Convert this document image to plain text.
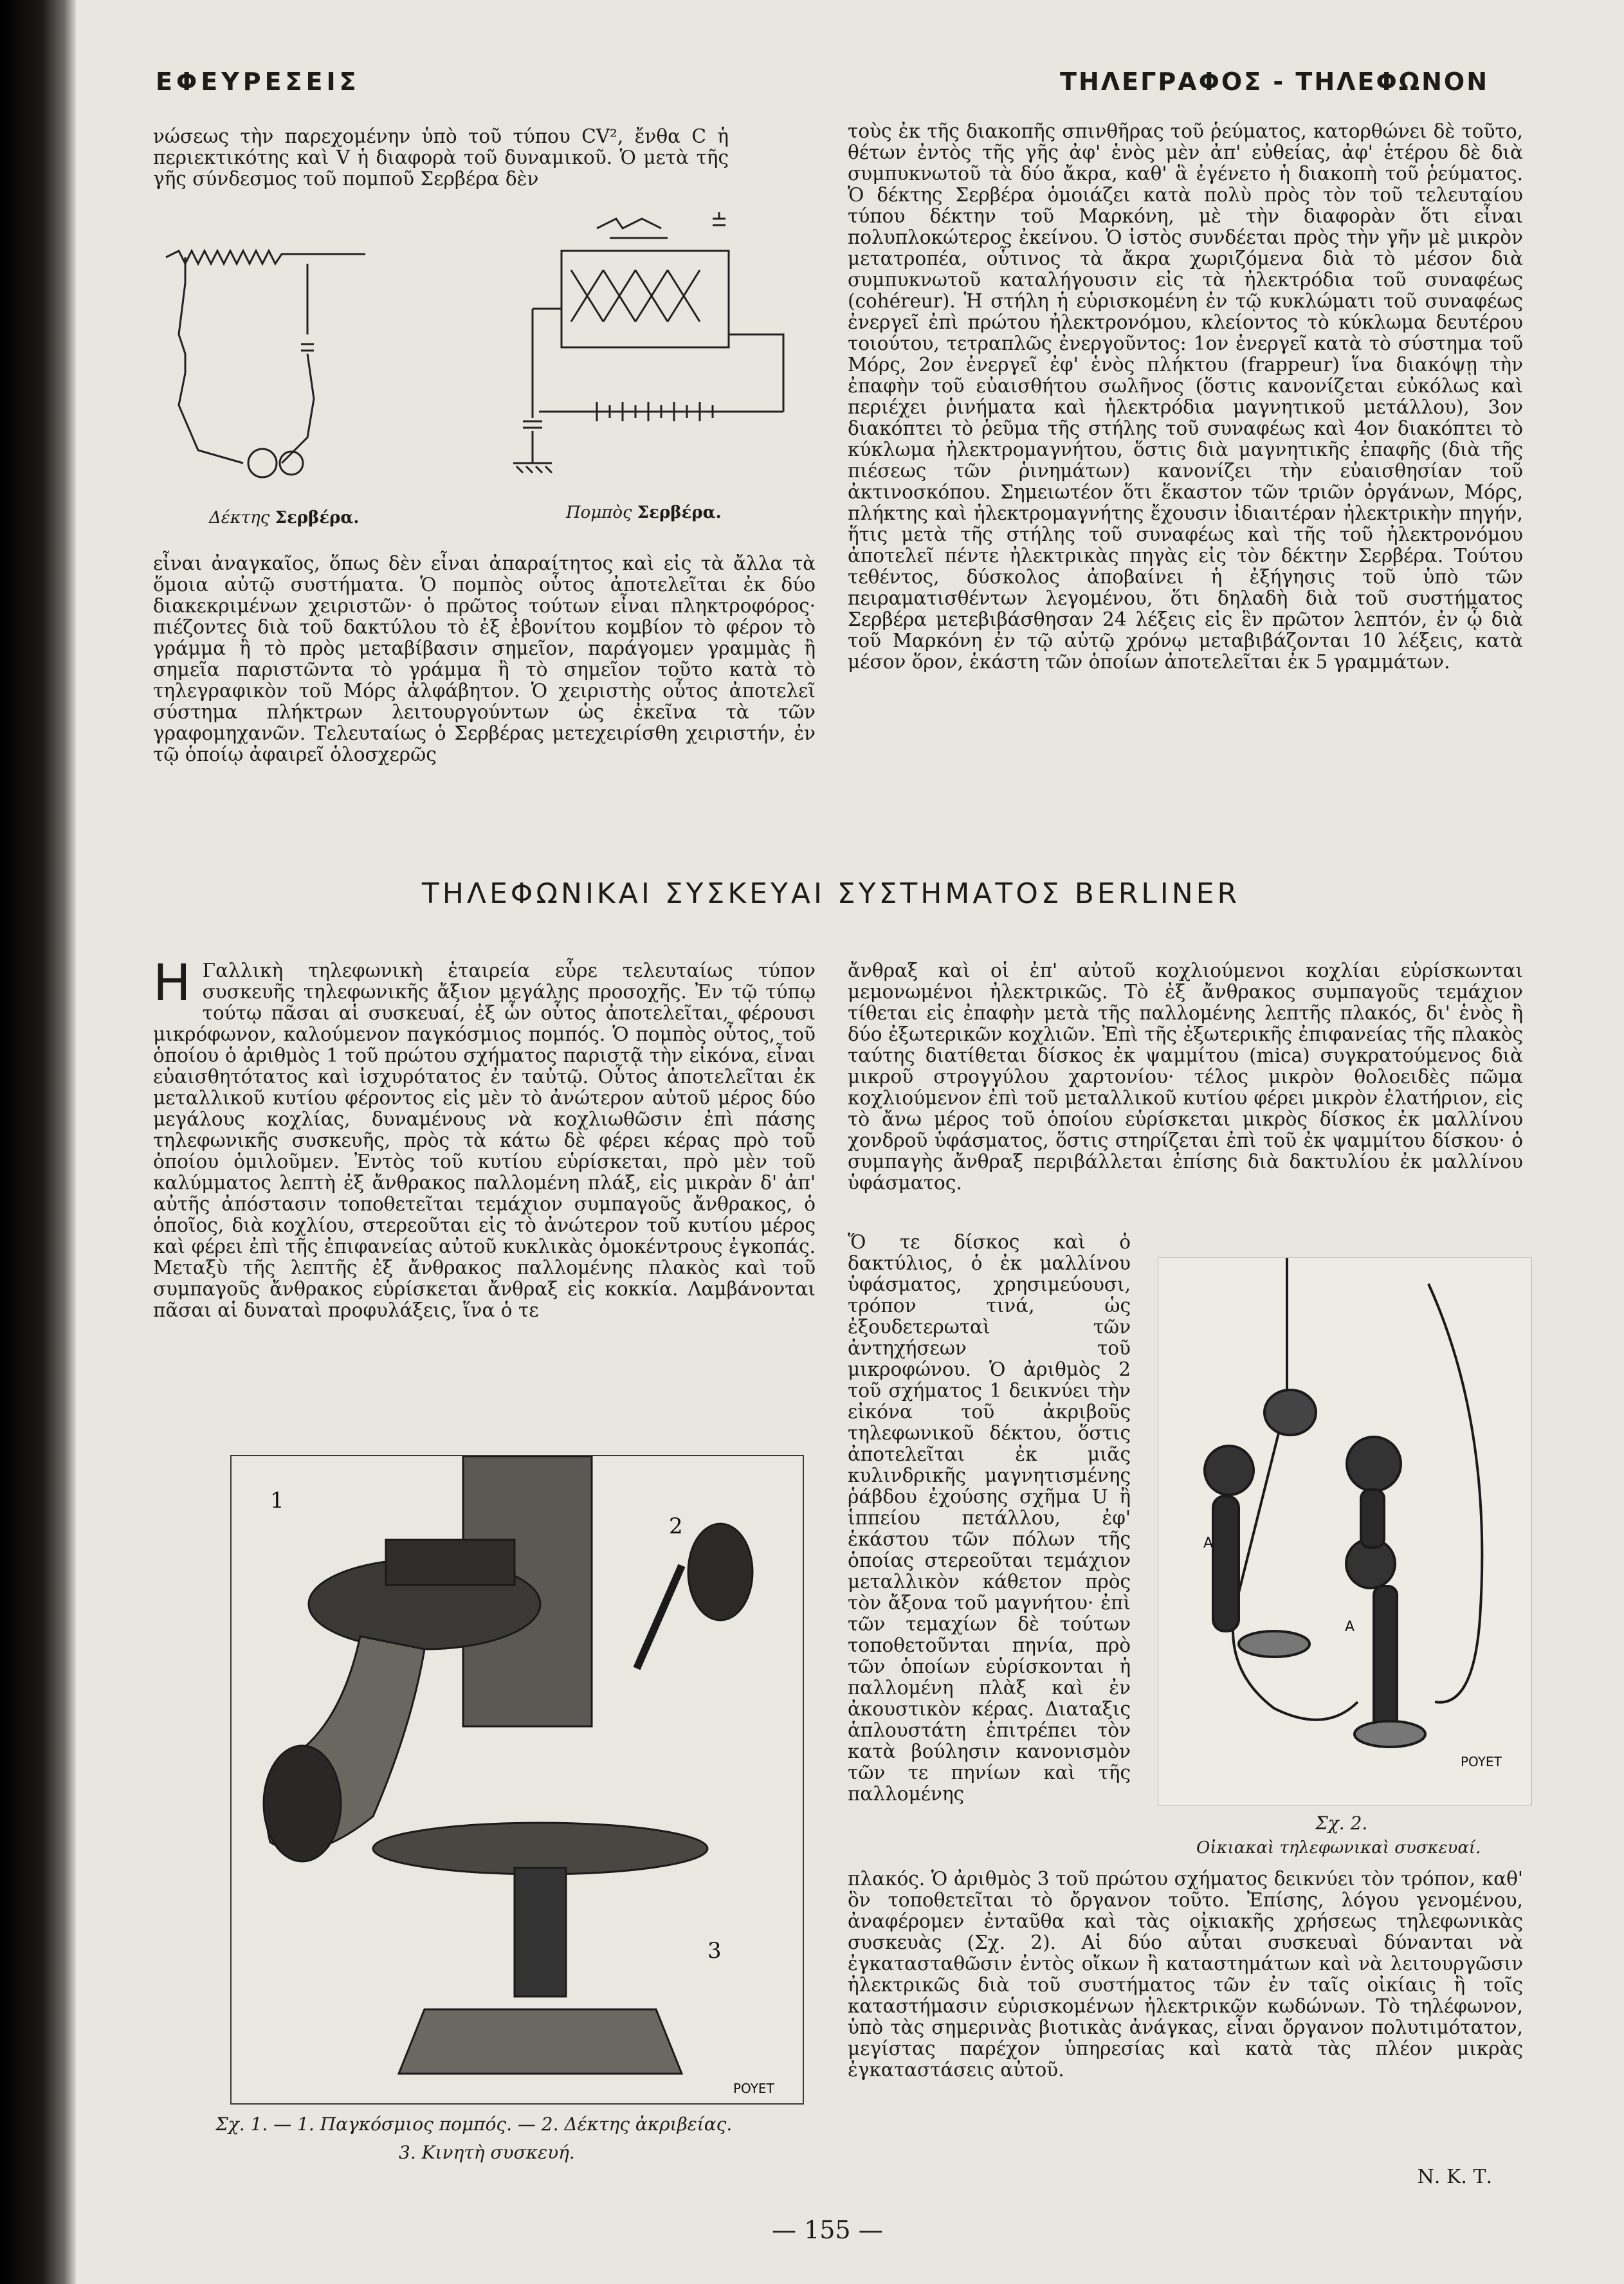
ΕΦΕΥΡΕΣΕΙΣ	ΤΗΛΕΓΡΑΦΟΣ - ΤΗΛΕΦΩΝΟΝ

νώσεως τὴν παρεχομένην ὑπὸ τοῦ τύπου CV², ἔνθα C ἡ περιεκτικότης καὶ V ἡ διαφορὰ τοῦ δυναμικοῦ. Ὁ μετὰ τῆς γῆς σύνδεσμος τοῦ πομποῦ Σερβέρα δὲν

Δέκτης Σερβέρα.	Πομπὸς Σερβέρα.

εἶναι ἀναγκαῖος, ὅπως δὲν εἶναι ἀπαραίτητος καὶ εἰς τὰ ἄλλα τὰ ὅμοια αὐτῷ συστήματα. Ὁ πομπὸς οὗτος ἀποτελεῖται ἐκ δύο διακεκριμένων χειριστῶν· ὁ πρῶτος τούτων εἶναι πληκτροφόρος· πιέζοντες διὰ τοῦ δακτύλου τὸ ἐξ ἐβονίτου κομβίον τὸ φέρον τὸ γράμμα ἢ τὸ πρὸς μεταβίβασιν σημεῖον, παράγομεν γραμμὰς ἢ σημεῖα παριστῶντα τὸ γράμμα ἢ τὸ σημεῖον τοῦτο κατὰ τὸ τηλεγραφικὸν τοῦ Μόρς ἀλφάβητον. Ὁ χειριστὴς οὗτος ἀποτελεῖ σύστημα πλήκτρων λειτουργούντων ὡς ἐκεῖνα τὰ τῶν γραφομηχανῶν. Τελευταίως ὁ Σερβέρας μετεχειρίσθη χειριστήν, ἐν τῷ ὁποίῳ ἀφαιρεῖ ὁλοσχερῶς

τοὺς ἐκ τῆς διακοπῆς σπινθῆρας τοῦ ῥεύματος, κατορθώνει δὲ τοῦτο, θέτων ἐντὸς τῆς γῆς ἀφ' ἑνὸς μὲν ἀπ' εὐθείας, ἀφ' ἑτέρου δὲ διὰ συμπυκνωτοῦ τὰ δύο ἄκρα, καθ' ἃ ἐγένετο ἡ διακοπὴ τοῦ ῥεύματος. Ὁ δέκτης Σερβέρα ὁμοιάζει κατὰ πολὺ πρὸς τὸν τοῦ τελευταίου τύπου δέκτην τοῦ Μαρκόνη, μὲ τὴν διαφορὰν ὅτι εἶναι πολυπλοκώτερος ἐκείνου. Ὁ ἱστὸς συνδέεται πρὸς τὴν γῆν μὲ μικρὸν μετατροπέα, οὗτινος τὰ ἄκρα χωριζόμενα διὰ τὸ μέσον διὰ συμπυκνωτοῦ καταλήγουσιν εἰς τὰ ἠλεκτρόδια τοῦ συναφέως (cohéreur). Ἡ στήλη ἡ εὑρισκομένη ἐν τῷ κυκλώματι τοῦ συναφέως ἐνεργεῖ ἐπὶ πρώτου ἠλεκτρονόμου, κλείοντος τὸ κύκλωμα δευτέρου τοιούτου, τετραπλῶς ἐνεργοῦντος: 1ον ἐνεργεῖ κατὰ τὸ σύστημα τοῦ Μόρς, 2ον ἐνεργεῖ ἐφ' ἑνὸς πλήκτου (frappeur) ἵνα διακόψῃ τὴν ἐπαφὴν τοῦ εὐαισθήτου σωλῆνος (ὅστις κανονίζεται εὐκόλως καὶ περιέχει ῥινήματα καὶ ἠλεκτρόδια μαγνητικοῦ μετάλλου), 3ον διακόπτει τὸ ῥεῦμα τῆς στήλης τοῦ συναφέως καὶ 4ον διακόπτει τὸ κύκλωμα ἠλεκτρομαγνήτου, ὅστις διὰ μαγνητικῆς ἐπαφῆς (διὰ τῆς πιέσεως τῶν ῥινημάτων) κανονίζει τὴν εὐαισθησίαν τοῦ ἀκτινοσκόπου. Σημειωτέον ὅτι ἕκαστον τῶν τριῶν ὀργάνων, Μόρς, πλήκτης καὶ ἠλεκτρομαγνήτης ἔχουσιν ἰδιαιτέραν ἠλεκτρικὴν πηγήν, ἥτις μετὰ τῆς στήλης τοῦ συναφέως καὶ τῆς τοῦ ἠλεκτρονόμου ἀποτελεῖ πέντε ἠλεκτρικὰς πηγὰς εἰς τὸν δέκτην Σερβέρα. Τούτου τεθέντος, δύσκολος ἀποβαίνει ἡ ἐξήγησις τοῦ ὑπὸ τῶν πειραματισθέντων λεγομένου, ὅτι δηλαδὴ διὰ τοῦ συστήματος Σερβέρα μετεβιβάσθησαν 24 λέξεις εἰς ἓν πρῶτον λεπτόν, ἐν ᾧ διὰ τοῦ Μαρκόνη ἐν τῷ αὐτῷ χρόνῳ μεταβιβάζονται 10 λέξεις, κατὰ μέσον ὅρον, ἑκάστη τῶν ὁποίων ἀποτελεῖται ἐκ 5 γραμμάτων.

ΤΗΛΕΦΩΝΙΚΑΙ ΣΥΣΚΕΥΑΙ ΣΥΣΤΗΜΑΤΟΣ BERLINER
Η Γαλλικὴ τηλεφωνικὴ ἑταιρεία εὗρε τελευταίως τύπον συσκευῆς τηλεφωνικῆς ἄξιον μεγάλης προσοχῆς. Ἐν τῷ τύπῳ τούτῳ πᾶσαι αἱ συσκευαί, ἐξ ὧν οὗτος ἀποτελεῖται, φέρουσι μικρόφωνον, καλούμενον παγκόσμιος πομπός. Ὁ πομπὸς οὗτος, τοῦ ὁποίου ὁ ἀριθμὸς 1 τοῦ πρώτου σχήματος παριστᾷ τὴν εἰκόνα, εἶναι εὐαισθητότατος καὶ ἰσχυρότατος ἐν ταὐτῷ. Οὗτος ἀποτελεῖται ἐκ μεταλλικοῦ κυτίου φέροντος εἰς μὲν τὸ ἀνώτερον αὐτοῦ μέρος δύο μεγάλους κοχλίας, δυναμένους νὰ κοχλιωθῶσιν ἐπὶ πάσης τηλεφωνικῆς συσκευῆς, πρὸς τὰ κάτω δὲ φέρει κέρας πρὸ τοῦ ὁποίου ὁμιλοῦμεν. Ἐντὸς τοῦ κυτίου εὑρίσκεται, πρὸ μὲν τοῦ καλύμματος λεπτὴ ἐξ ἄνθρακος παλλομένη πλάξ, εἰς μικρὰν δ' ἀπ' αὐτῆς ἀπόστασιν τοποθετεῖται τεμάχιον συμπαγοῦς ἄνθρακος, ὁ ὁποῖος, διὰ κοχλίου, στερεοῦται εἰς τὸ ἀνώτερον τοῦ κυτίου μέρος καὶ φέρει ἐπὶ τῆς ἐπιφανείας αὐτοῦ κυκλικὰς ὁμοκέντρους ἐγκοπάς. Μεταξὺ τῆς λεπτῆς ἐξ ἄνθρακος παλλομένης πλακὸς καὶ τοῦ συμπαγοῦς ἄνθρακος εὑρίσκεται ἄνθραξ εἰς κοκκία. Λαμβάνονται πᾶσαι αἱ δυναταὶ προφυλάξεις, ἵνα ὁ τε

ἄνθραξ καὶ οἱ ἐπ' αὐτοῦ κοχλιούμενοι κοχλίαι εὑρίσκωνται μεμονωμένοι ἠλεκτρικῶς. Τὸ ἐξ ἄνθρακος συμπαγοῦς τεμάχιον τίθεται εἰς ἐπαφὴν μετὰ τῆς παλλομένης λεπτῆς πλακός, δι' ἑνὸς ἢ δύο ἐξωτερικῶν κοχλιῶν. Ἐπὶ τῆς ἐξωτερικῆς ἐπιφανείας τῆς πλακὸς ταύτης διατίθεται δίσκος ἐκ ψαμμίτου (mica) συγκρατούμενος διὰ μικροῦ στρογγύλου χαρτονίου· τέλος μικρὸν θολοειδὲς πῶμα κοχλιούμενον ἐπὶ τοῦ μεταλλικοῦ κυτίου φέρει μικρὸν ἐλατήριον, εἰς τὸ ἄνω μέρος τοῦ ὁποίου εὑρίσκεται μικρὸς δίσκος ἐκ μαλλίνου χονδροῦ ὑφάσματος, ὅστις στηρίζεται ἐπὶ τοῦ ἐκ ψαμμίτου δίσκου· ὁ συμπαγὴς ἄνθραξ περιβάλλεται ἐπίσης διὰ δακτυλίου ἐκ μαλλίνου ὑφάσματος.

Ὅ τε δίσκος καὶ ὁ δακτύλιος, ὁ ἐκ μαλλίνου ὑφάσματος, χρησιμεύουσι, τρόπον τινά, ὡς ἐξουδετερωταὶ τῶν ἀντηχήσεων τοῦ μικροφώνου. Ὁ ἀριθμὸς 2 τοῦ σχήματος 1 δεικνύει τὴν εἰκόνα τοῦ ἀκριβοῦς τηλεφωνικοῦ δέκτου, ὅστις ἀποτελεῖται ἐκ μιᾶς κυλινδρικῆς μαγνητισμένης ῥάβδου ἐχούσης σχῆμα U ἢ ἱππείου πετάλλου, ἐφ' ἑκάστου τῶν πόλων τῆς ὁποίας στερεοῦται τεμάχιον μεταλλικὸν κάθετον πρὸς τὸν ἄξονα τοῦ μαγνήτου· ἐπὶ τῶν τεμαχίων δὲ τούτων τοποθετοῦνται πηνία, πρὸ τῶν ὁποίων εὑρίσκονται ἡ παλλομένη πλὰξ καὶ ἐν ἀκουστικὸν κέρας. Διαταξις ἁπλουστάτη ἐπιτρέπει τὸν κατὰ βούλησιν κανονισμὸν τῶν τε πηνίων καὶ τῆς παλλομένης

A
A
POYET
Σχ. 2.
Οἰκιακαὶ τηλεφωνικαὶ συσκευαί.

πλακός. Ὁ ἀριθμὸς 3 τοῦ πρώτου σχήματος δεικνύει τὸν τρόπον, καθ' ὃν τοποθετεῖται τὸ ὄργανον τοῦτο. Ἐπίσης, λόγου γενομένου, ἀναφέρομεν ἐνταῦθα καὶ τὰς οἰκιακῆς χρήσεως τηλεφωνικὰς συσκευὰς (Σχ. 2). Αἱ δύο αὗται συσκευαὶ δύνανται νὰ ἐγκατασταθῶσιν ἐντὸς οἴκων ἢ καταστημάτων καὶ νὰ λειτουργῶσιν ἠλεκτρικῶς διὰ τοῦ συστήματος τῶν ἐν ταῖς οἰκίαις ἢ τοῖς καταστήμασιν εὑρισκομένων ἠλεκτρικῶν κωδώνων. Τὸ τηλέφωνον, ὑπὸ τὰς σημερινὰς βιοτικὰς ἀνάγκας, εἶναι ὄργανον πολυτιμότατον, μεγίστας παρέχον ὑπηρεσίας καὶ κατὰ τὰς πλέον μικρὰς ἐγκαταστάσεις αὐτοῦ.

1
2
3
POYET
Σχ. 1. — 1. Παγκόσμιος πομπός. — 2. Δέκτης ἀκριβείας.
3. Κινητὴ συσκευή.
Ν. Κ. Τ.
— 155 —
